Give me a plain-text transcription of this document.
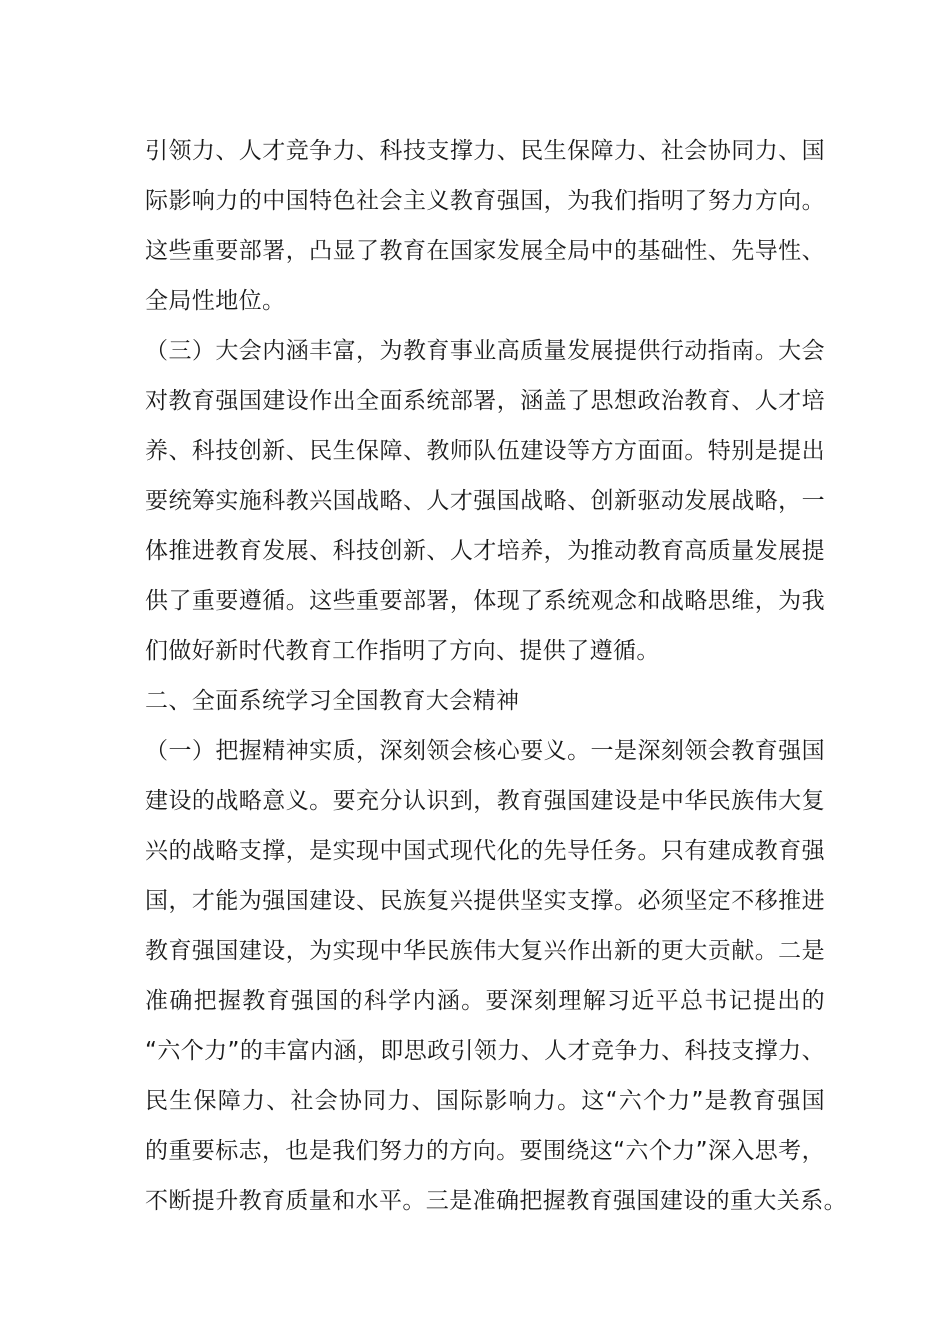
引领力、人才竞争力、科技支撑力、民生保障力、社会协同力、国
际影响力的中国特色社会主义教育强国，为我们指明了努力方向。
这些重要部署，凸显了教育在国家发展全局中的基础性、先导性、
全局性地位。
（三）大会内涵丰富，为教育事业高质量发展提供行动指南。大会
对教育强国建设作出全面系统部署，涵盖了思想政治教育、人才培
养、科技创新、民生保障、教师队伍建设等方方面面。特别是提出
要统筹实施科教兴国战略、人才强国战略、创新驱动发展战略，一
体推进教育发展、科技创新、人才培养，为推动教育高质量发展提
供了重要遵循。这些重要部署，体现了系统观念和战略思维，为我
们做好新时代教育工作指明了方向、提供了遵循。
二、全面系统学习全国教育大会精神
（一）把握精神实质，深刻领会核心要义。一是深刻领会教育强国
建设的战略意义。要充分认识到，教育强国建设是中华民族伟大复
兴的战略支撑，是实现中国式现代化的先导任务。只有建成教育强
国，才能为强国建设、民族复兴提供坚实支撑。必须坚定不移推进
教育强国建设，为实现中华民族伟大复兴作出新的更大贡献。二是
准确把握教育强国的科学内涵。要深刻理解习近平总书记提出的
“六个力”的丰富内涵，即思政引领力、人才竞争力、科技支撑力、
民生保障力、社会协同力、国际影响力。这“六个力”是教育强国
的重要标志，也是我们努力的方向。要围绕这“六个力”深入思考，
不断提升教育质量和水平。三是准确把握教育强国建设的重大关系。
